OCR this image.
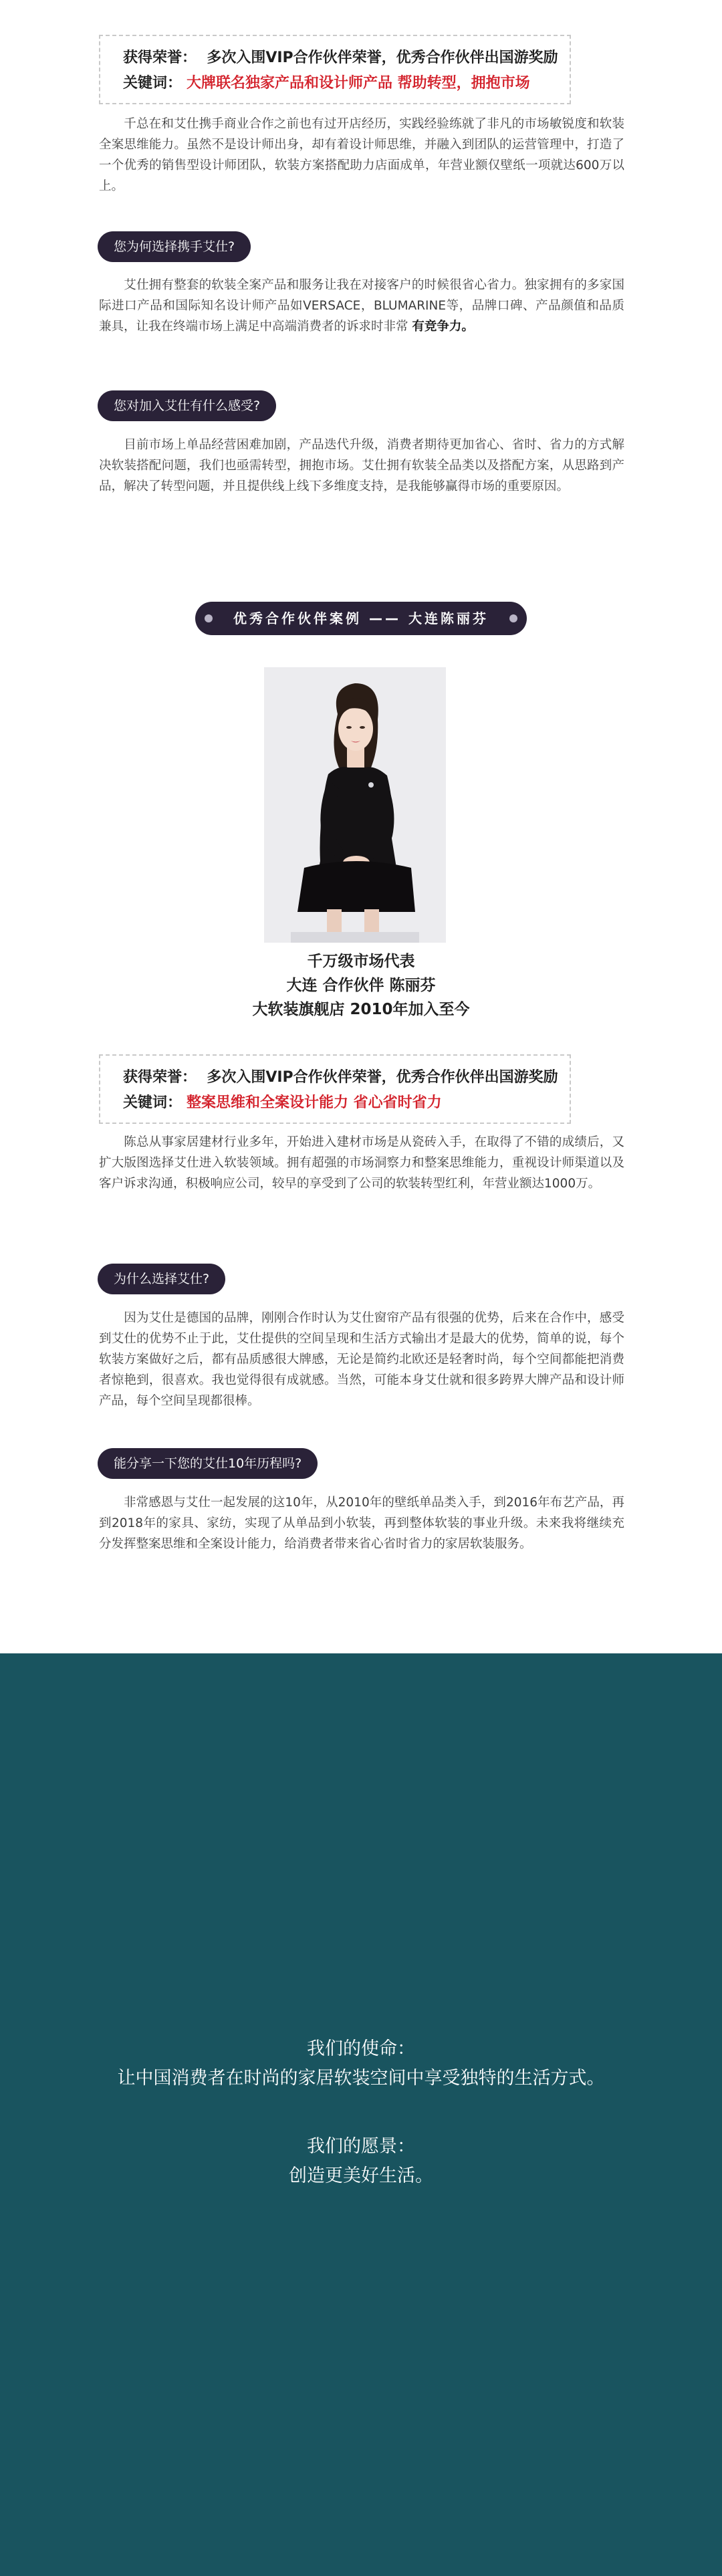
获得荣誉： 多次入围VIP合作伙伴荣誉，优秀合作伙伴出国游奖励
关键词： 大牌联名独家产品和设计师产品 帮助转型，拥抱市场
千总在和艾仕携手商业合作之前也有过开店经历，实践经验练就了非凡的市场敏锐度和软装全案思维能力。虽然不是设计师出身，却有着设计师思维，并融入到团队的运营管理中，打造了一个优秀的销售型设计师团队，软装方案搭配助力店面成单，年营业额仅壁纸一项就达600万以上。
您为何选择携手艾仕?
艾仕拥有整套的软装全案产品和服务让我在对接客户的时候很省心省力。独家拥有的多家国际进口产品和国际知名设计师产品如VERSACE，BLUMARINE等，品牌口碑、产品颜值和品质兼具，让我在终端市场上满足中高端消费者的诉求时非常 有竞争力。
您对加入艾仕有什么感受?
目前市场上单品经营困难加剧，产品迭代升级，消费者期待更加省心、省时、省力的方式解决软装搭配问题，我们也亟需转型，拥抱市场。艾仕拥有软装全品类以及搭配方案，从思路到产品，解决了转型问题，并且提供线上线下多维度支持，是我能够赢得市场的重要原因。
优秀合作伙伴案例 —— 大连陈丽芬
千万级市场代表
大连 合作伙伴 陈丽芬
大软装旗舰店 2010年加入至今
获得荣誉： 多次入围VIP合作伙伴荣誉，优秀合作伙伴出国游奖励
关键词： 整案思维和全案设计能力 省心省时省力
陈总从事家居建材行业多年，开始进入建材市场是从瓷砖入手，在取得了不错的成绩后，又扩大版图选择艾仕进入软装领域。拥有超强的市场洞察力和整案思维能力，重视设计师渠道以及客户诉求沟通，积极响应公司，较早的享受到了公司的软装转型红利，年营业额达1000万。
为什么选择艾仕?
因为艾仕是德国的品牌，刚刚合作时认为艾仕窗帘产品有很强的优势，后来在合作中，感受到艾仕的优势不止于此，艾仕提供的空间呈现和生活方式输出才是最大的优势，简单的说，每个软装方案做好之后，都有品质感很大牌感，无论是简约北欧还是轻奢时尚，每个空间都能把消费者惊艳到，很喜欢。我也觉得很有成就感。当然，可能本身艾仕就和很多跨界大牌产品和设计师产品，每个空间呈现都很棒。
能分享一下您的艾仕10年历程吗?
非常感恩与艾仕一起发展的这10年，从2010年的壁纸单品类入手，到2016年布艺产品，再到2018年的家具、家纺，实现了从单品到小软装，再到整体软装的事业升级。未来我将继续充分发挥整案思维和全案设计能力，给消费者带来省心省时省力的家居软装服务。
我们的使命：
让中国消费者在时尚的家居软装空间中享受独特的生活方式。
我们的愿景：
创造更美好生活。
